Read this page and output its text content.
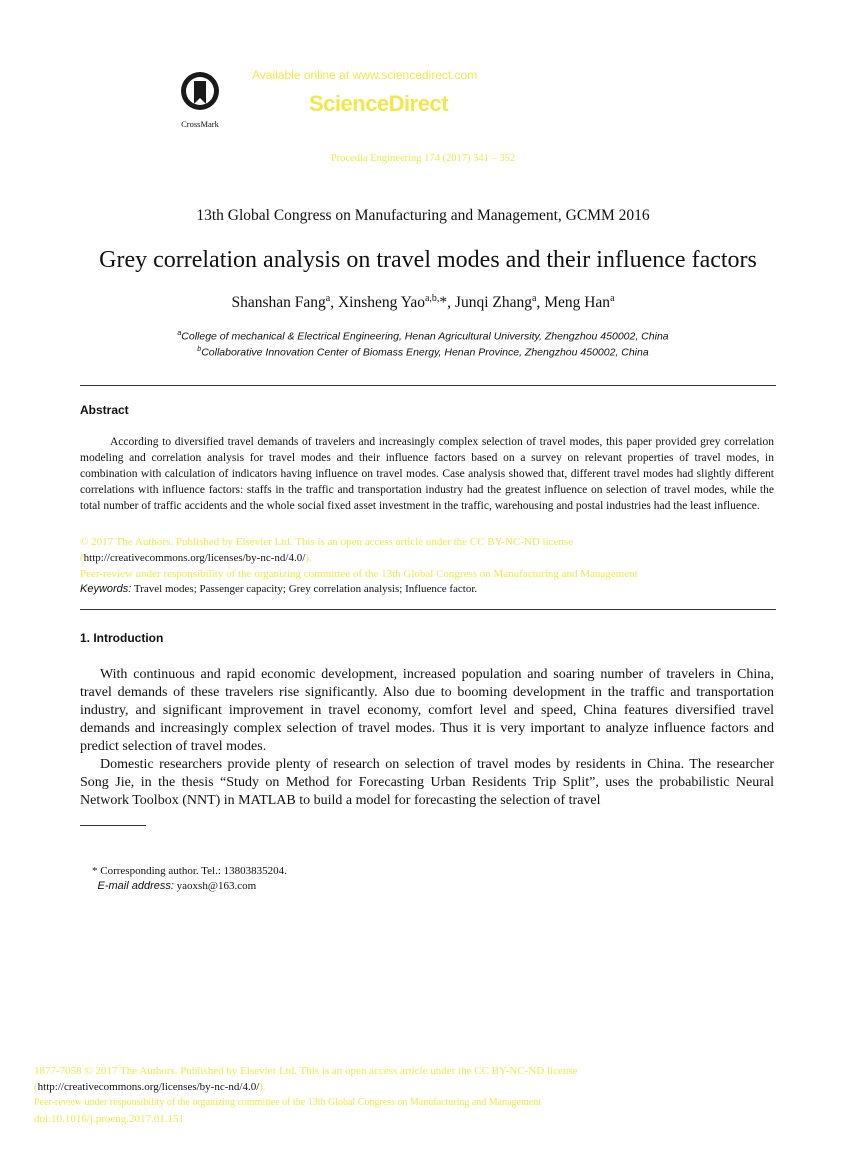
CrossMark
Available online at www.sciencedirect.com
ScienceDirect
Procedia Engineering 174 (2017) 341 – 352
13th Global Congress on Manufacturing and Management, GCMM 2016
Grey correlation analysis on travel modes and their influence factors
Shanshan Fang$^a$, Xinsheng Yao$^{a,b,}$*, Junqi Zhang$^a$, Meng Han$^a$
$^a$College of mechanical & Electrical Engineering, Henan Agricultural University, Zhengzhou 450002, China
$^b$Collaborative Innovation Center of Biomass Energy, Henan Province, Zhengzhou 450002, China
Abstract
According to diversified travel demands of travelers and increasingly complex selection of travel modes, this paper provided grey correlation modeling and correlation analysis for travel modes and their influence factors based on a survey on relevant properties of travel modes, in combination with calculation of indicators having influence on travel modes. Case analysis showed that, different travel modes had slightly different correlations with influence factors: staffs in the traffic and transportation industry had the greatest influence on selection of travel modes, while the total number of traffic accidents and the whole social fixed asset investment in the traffic, warehousing and postal industries had the least influence.
© 2017 The Authors. Published by Elsevier Ltd. This is an open access article under the CC BY-NC-ND license
(http://creativecommons.org/licenses/by-nc-nd/4.0/).
Peer-review under responsibility of the organizing committee of the 13th Global Congress on Manufacturing and Management
Keywords: Travel modes; Passenger capacity; Grey correlation analysis; Influence factor.
1. Introduction
With continuous and rapid economic development, increased population and soaring number of travelers in China, travel demands of these travelers rise significantly. Also due to booming development in the traffic and transportation industry, and significant improvement in travel economy, comfort level and speed, China features diversified travel demands and increasingly complex selection of travel modes. Thus it is very important to analyze influence factors and predict selection of travel modes.
Domestic researchers provide plenty of research on selection of travel modes by residents in China. The researcher Song Jie, in the thesis “Study on Method for Forecasting Urban Residents Trip Split”, uses the probabilistic Neural Network Toolbox (NNT) in MATLAB to build a model for forecasting the selection of travel
* Corresponding author. Tel.: 13803835204.
E-mail address: yaoxsh@163.com
1877-7058 © 2017 The Authors. Published by Elsevier Ltd. This is an open access article under the CC BY-NC-ND license
(http://creativecommons.org/licenses/by-nc-nd/4.0/).
Peer-review under responsibility of the organizing committee of the 13th Global Congress on Manufacturing and Management
doi:10.1016/j.proeng.2017.01.151
